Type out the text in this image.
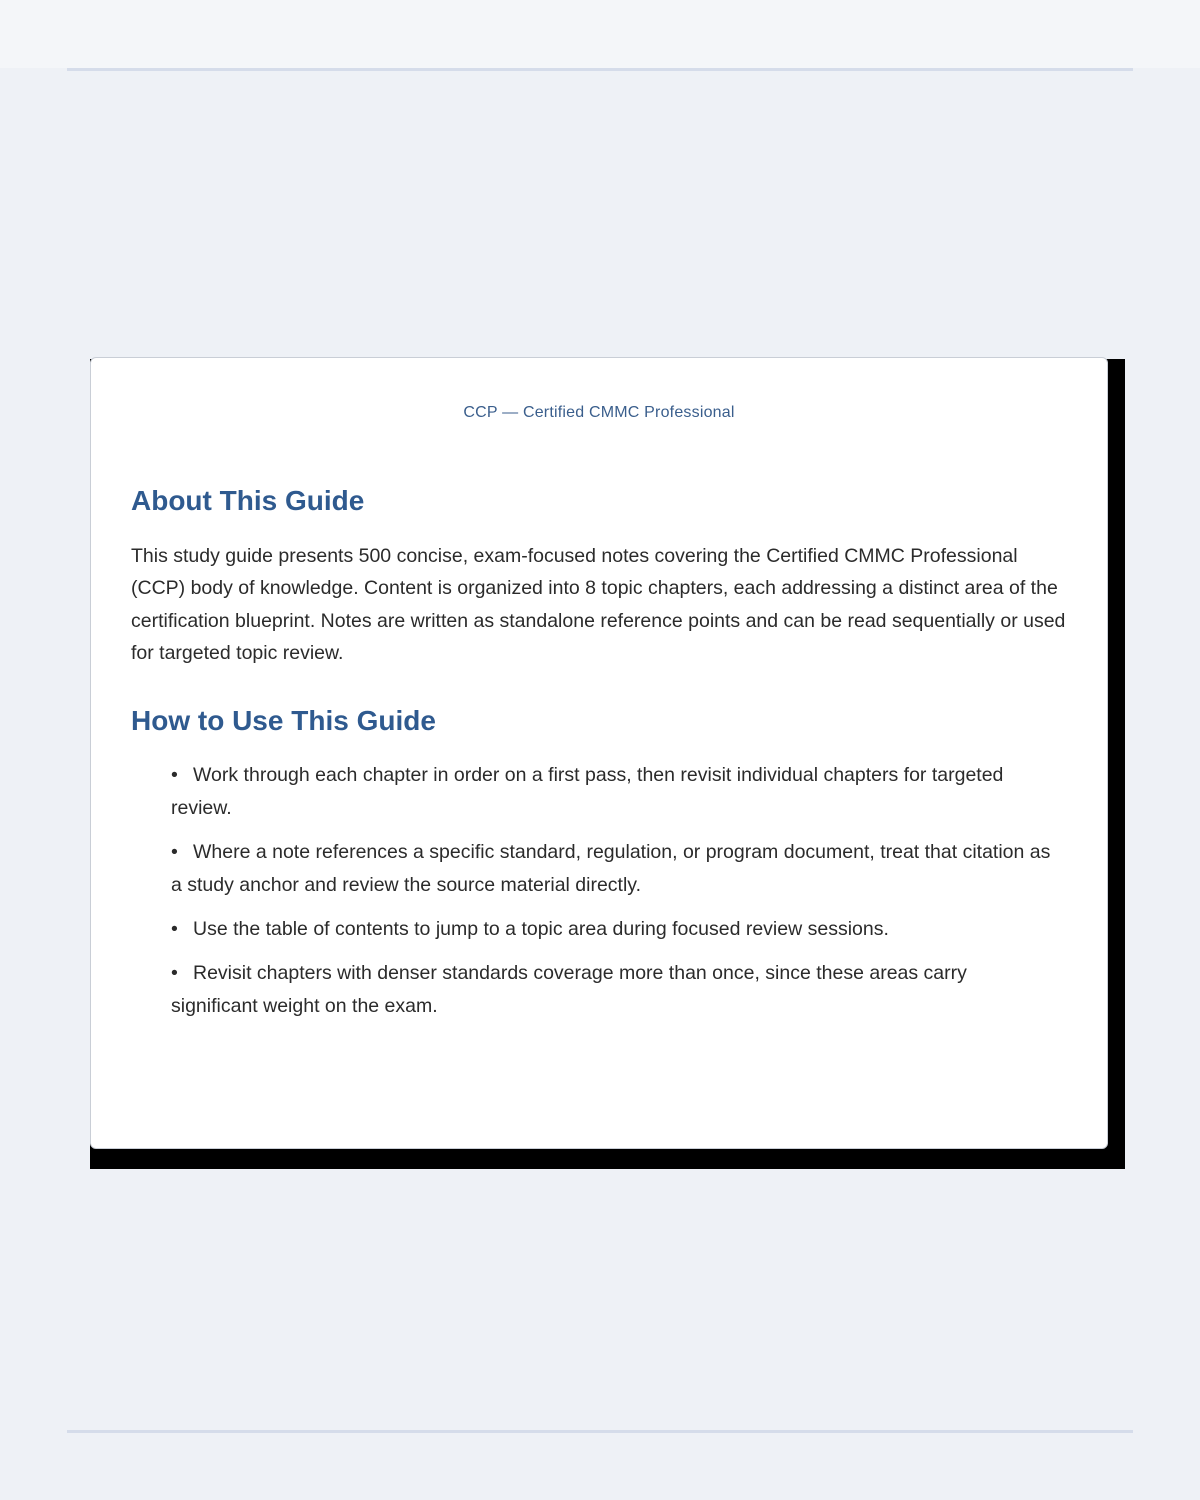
CCP — Certified CMMC Professional
About This Guide

This study guide presents 500 concise, exam-focused notes covering the Certified CMMC Professional (CCP) body of knowledge. Content is organized into 8 topic chapters, each addressing a distinct area of the certification blueprint. Notes are written as standalone reference points and can be read sequentially or used for targeted topic review.

How to Use This Guide
• Work through each chapter in order on a first pass, then revisit individual chapters for targeted review.
• Where a note references a specific standard, regulation, or program document, treat that citation as a study anchor and review the source material directly.
• Use the table of contents to jump to a topic area during focused review sessions.
• Revisit chapters with denser standards coverage more than once, since these areas carry significant weight on the exam.
